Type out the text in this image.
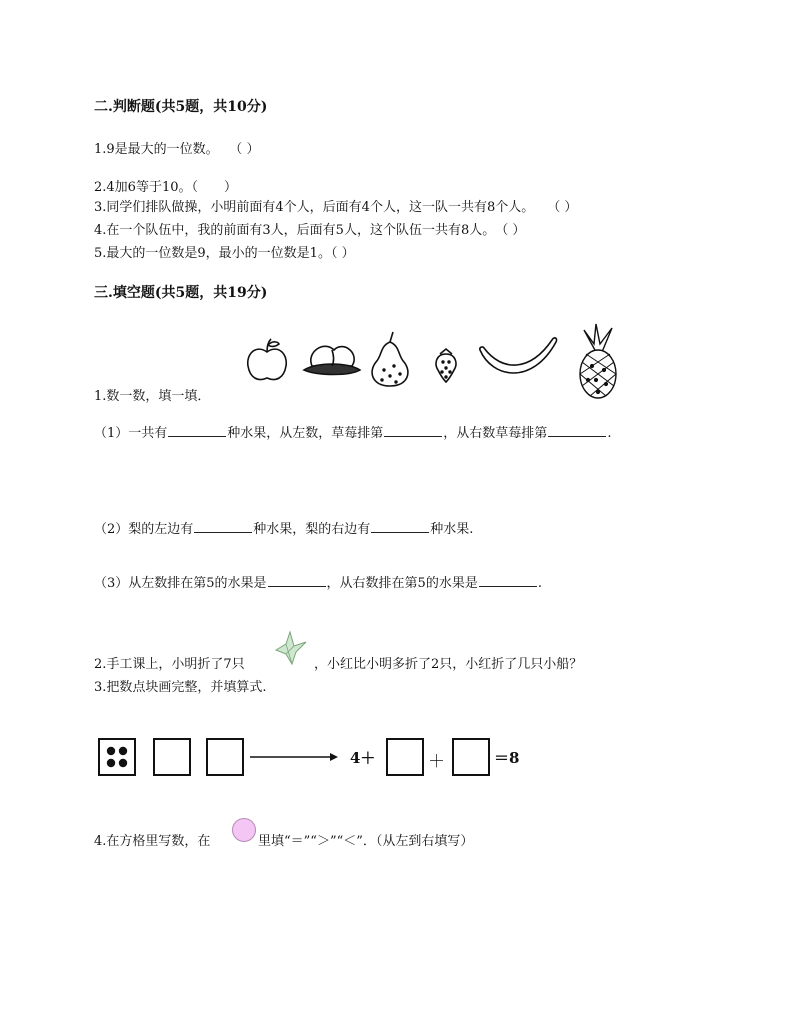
二.判断题(共5题，共10分)
1.9是最大的一位数。　 （ ）
2.4加6等于10。（　　）
3.同学们排队做操，小明前面有4个人，后面有4个人，这一队一共有8个人。　　（ ）
4.在一个队伍中，我的前面有3人，后面有5人，这个队伍一共有8人。　（ ）
5.最大的一位数是9，最小的一位数是1。（ ）
三.填空题(共5题，共19分)
1.数一数，填一填．
（1）一共有	种水果，从左数，草莓排第	，从右数草莓排第	.
（2）梨的左边有	种水果，梨的右边有	种水果.
（3）从左数排在第5的水果是	，从右数排在第5的水果是	.
2.手工课上，小明折了7只	，小红比小明多折了2只，小红折了几只小船？
3.把数点块画完整，并填算式.
4＋	＋	＝8
4.在方格里写数，在	里填“＝”“＞”“＜”．（从左到右填写）
